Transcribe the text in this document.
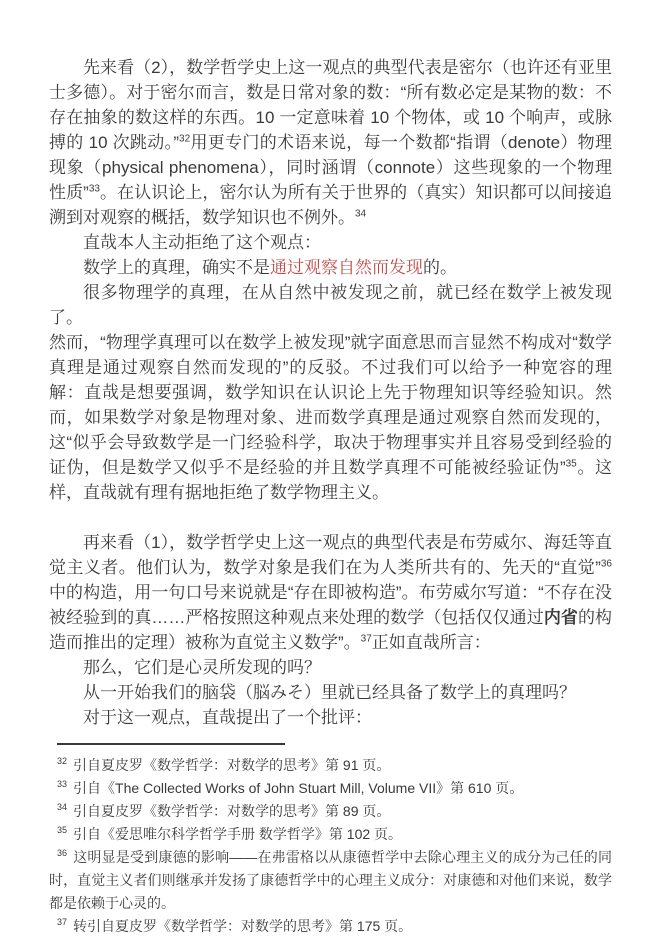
先来看（2），数学哲学史上这一观点的典型代表是密尔（也许还有亚里士多德）。对于密尔而言，数是日常对象的数：“所有数必定是某物的数：不存在抽象的数这样的东西。10 一定意味着 10 个物体，或 10 个响声，或脉搏的 10 次跳动。”$^{32}$用更专门的术语来说，每一个数都“指谓（denote）物理现象（physical phenomena），同时涵谓（connote）这些现象的一个物理性质”$^{33}$。在认识论上，密尔认为所有关于世界的（真实）知识都可以间接追溯到对观察的概括，数学知识也不例外。$^{34}$

直哉本人主动拒绝了这个观点：

数学上的真理，确实不是通过观察自然而发现的。

很多物理学的真理，在从自然中被发现之前，就已经在数学上被发现了。

然而，“物理学真理可以在数学上被发现”就字面意思而言显然不构成对“数学真理是通过观察自然而发现的”的反驳。不过我们可以给予一种宽容的理解：直哉是想要强调，数学知识在认识论上先于物理知识等经验知识。然而，如果数学对象是物理对象、进而数学真理是通过观察自然而发现的，这“似乎会导致数学是一门经验科学，取决于物理事实并且容易受到经验的证伪，但是数学又似乎不是经验的并且数学真理不可能被经验证伪”$^{35}$。这样，直哉就有理有据地拒绝了数学物理主义。

再来看（1），数学哲学史上这一观点的典型代表是布劳威尔、海廷等直觉主义者。他们认为，数学对象是我们在为人类所共有的、先天的“直觉”$^{36}$中的构造，用一句口号来说就是“存在即被构造”。布劳威尔写道：“不存在没被经验到的真……严格按照这种观点来处理的数学（包括仅仅通过内省的构造而推出的定理）被称为直觉主义数学”。$^{37}$正如直哉所言：

那么，它们是心灵所发现的吗？

从一开始我们的脑袋（脳みそ）里就已经具备了数学上的真理吗？

对于这一观点，直哉提出了一个批评：

$^{32}$ 引自夏皮罗《数学哲学：对数学的思考》第 91 页。

$^{33}$ 引自《The Collected Works of John Stuart Mill, Volume VII》第 610 页。

$^{34}$ 引自夏皮罗《数学哲学：对数学的思考》第 89 页。

$^{35}$ 引自《爱思唯尔科学哲学手册 数学哲学》第 102 页。

$^{36}$ 这明显是受到康德的影响——在弗雷格以从康德哲学中去除心理主义的成分为己任的同时，直觉主义者们则继承并发扬了康德哲学中的心理主义成分：对康德和对他们来说，数学都是依赖于心灵的。

$^{37}$ 转引自夏皮罗《数学哲学：对数学的思考》第 175 页。
